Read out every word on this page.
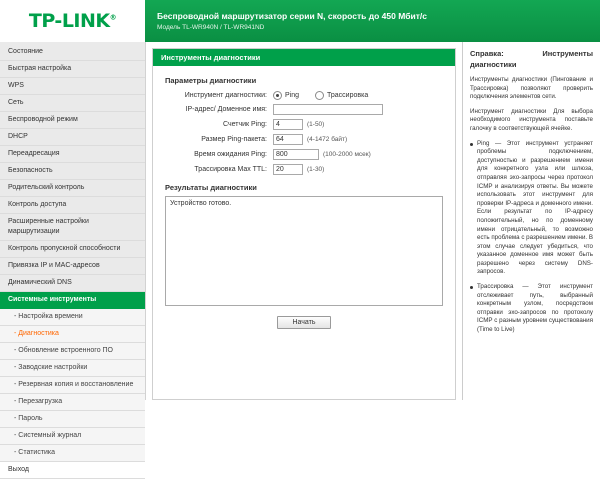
TP-LINK®	Беспроводной маршрутизатор серии N, скорость до 450 Мбит/с
Модель TL-WR940N / TL-WR941ND
Состояние
Быстрая настройка
WPS
Сеть
Беспроводной режим
DHCP
Переадресация
Безопасность
Родительский контроль
Контроль доступа
Расширенные настройки маршрутизации
Контроль пропускной способности
Привязка IP и MAC-адресов
Динамический DNS
Системные инструменты
- Настройка времени
- Диагностика
- Обновление встроенного ПО
- Заводские настройки
- Резервная копия и восстановление
- Перезагрузка
- Пароль
- Системный журнал
- Статистика
Выход
Инструменты диагностики
Параметры диагностики
Инструмент диагностики:	Ping	Трассировка
IP-адрес/ Доменное имя:
Счетчик Ping:
4	(1-50)
Размер Ping-пакета:
64	(4-1472 байт)
Время ожидания Ping:
800	(100-2000 мсек)
Трассировка Max TTL:
20	(1-30)
Результаты диагностики
Устройство готово.
Начать
Справка: Инструменты диагностики
Инструменты диагностики (Пингование и Трассировка) позволяют проверить подключения элементов сети.
Инструмент диагностики Для выбора необходимого инструмента поставьте галочку в соответствующей ячейке.
Ping — Этот инструмент устраняет проблемы подключением, доступностью и разрешением имени для конкретного узла или шлюза, отправляя эхо-запросы через протокол ICMP и анализируя ответы. Вы можете использовать этот инструмент для проверки IP-адреса и доменного имени. Если результат по IP-адресу положительный, но по доменному имени отрицательный, то возможно есть проблема с разрешением имени. В этом случае следует убедиться, что указанное доменное имя может быть разрешено через систему DNS-запросов.
Трассировка — Этот инструмент отслеживает путь, выбранный конкретным узлом, посредством отправки эхо-запросов по протоколу ICMP с разным уровнем существования (Time to Live)
